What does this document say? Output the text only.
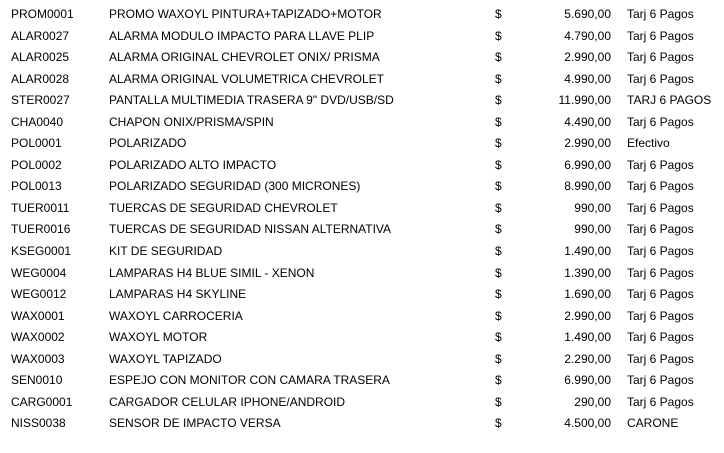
PROM0001	PROMO WAXOYL PINTURA+TAPIZADO+MOTOR	$	5.690,00 Tarj 6 Pagos
ALAR0027	ALARMA MODULO IMPACTO PARA LLAVE PLIP	$	4.790,00 Tarj 6 Pagos
ALAR0025	ALARMA ORIGINAL CHEVROLET ONIX/ PRISMA	$	2.990,00 Tarj 6 Pagos
ALAR0028	ALARMA ORIGINAL VOLUMETRICA CHEVROLET	$	4.990,00 Tarj 6 Pagos
STER0027	PANTALLA MULTIMEDIA TRASERA 9" DVD/USB/SD	$	11.990,00 TARJ 6 PAGOS
CHA0040	CHAPON ONIX/PRISMA/SPIN	$	4.490,00 Tarj 6 Pagos
POL0001	POLARIZADO	$	2.990,00 Efectivo
POL0002	POLARIZADO ALTO IMPACTO	$	6.990,00 Tarj 6 Pagos
POL0013	POLARIZADO SEGURIDAD (300 MICRONES)	$	8.990,00 Tarj 6 Pagos
TUER0011	TUERCAS DE SEGURIDAD CHEVROLET	$	990,00 Tarj 6 Pagos
TUER0016	TUERCAS DE SEGURIDAD NISSAN ALTERNATIVA	$	990,00 Tarj 6 Pagos
KSEG0001	KIT DE SEGURIDAD	$	1.490,00 Tarj 6 Pagos
WEG0004	LAMPARAS H4 BLUE SIMIL - XENON	$	1.390,00 Tarj 6 Pagos
WEG0012	LAMPARAS H4 SKYLINE	$	1.690,00 Tarj 6 Pagos
WAX0001	WAXOYL CARROCERIA	$	2.990,00 Tarj 6 Pagos
WAX0002	WAXOYL MOTOR	$	1.490,00 Tarj 6 Pagos
WAX0003	WAXOYL TAPIZADO	$	2.290,00 Tarj 6 Pagos
SEN0010	ESPEJO CON MONITOR CON CAMARA TRASERA	$	6.990,00 Tarj 6 Pagos
CARG0001	CARGADOR CELULAR IPHONE/ANDROID	$	290,00 Tarj 6 Pagos
NISS0038	SENSOR DE IMPACTO VERSA	$	4.500,00 CARONE
